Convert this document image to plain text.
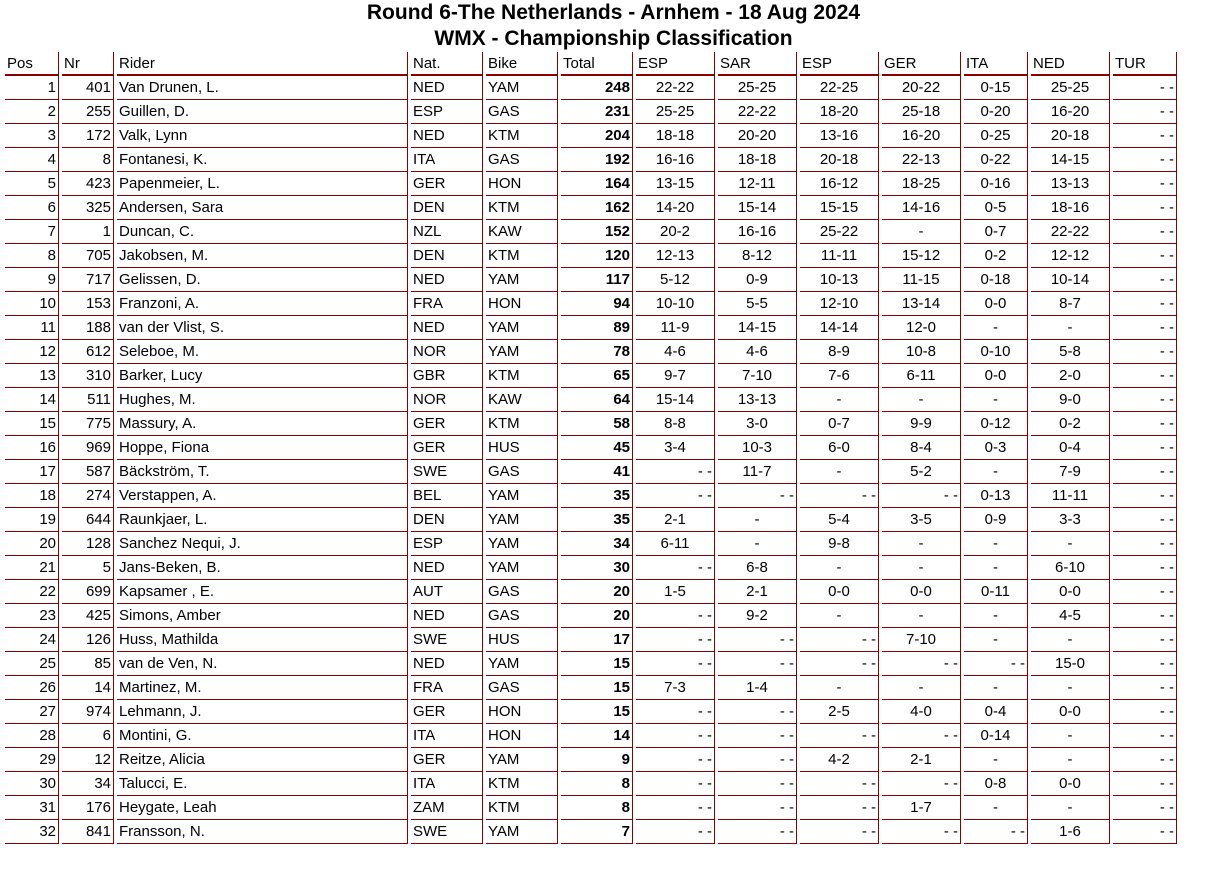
Round 6-The Netherlands - Arnhem - 18 Aug 2024
WMX - Championship Classification
Pos	Nr	Rider	Nat.	Bike	Total	ESP	SAR	ESP	GER	ITA	NED	TUR
1	401	Van Drunen, L.	NED	YAM	248	22-22	25-25	22-25	20-22	0-15	25-25	- -
2	255	Guillen, D.	ESP	GAS	231	25-25	22-22	18-20	25-18	0-20	16-20	- -
3	172	Valk, Lynn	NED	KTM	204	18-18	20-20	13-16	16-20	0-25	20-18	- -
4	8	Fontanesi, K.	ITA	GAS	192	16-16	18-18	20-18	22-13	0-22	14-15	- -
5	423	Papenmeier, L.	GER	HON	164	13-15	12-11	16-12	18-25	0-16	13-13	- -
6	325	Andersen, Sara	DEN	KTM	162	14-20	15-14	15-15	14-16	0-5	18-16	- -
7	1	Duncan, C.	NZL	KAW	152	20-2	16-16	25-22	-	0-7	22-22	- -
8	705	Jakobsen, M.	DEN	KTM	120	12-13	8-12	11-11	15-12	0-2	12-12	- -
9	717	Gelissen, D.	NED	YAM	117	5-12	0-9	10-13	11-15	0-18	10-14	- -
10	153	Franzoni, A.	FRA	HON	94	10-10	5-5	12-10	13-14	0-0	8-7	- -
11	188	van der Vlist, S.	NED	YAM	89	11-9	14-15	14-14	12-0	-	-	- -
12	612	Seleboe, M.	NOR	YAM	78	4-6	4-6	8-9	10-8	0-10	5-8	- -
13	310	Barker, Lucy	GBR	KTM	65	9-7	7-10	7-6	6-11	0-0	2-0	- -
14	511	Hughes, M.	NOR	KAW	64	15-14	13-13	-	-	-	9-0	- -
15	775	Massury, A.	GER	KTM	58	8-8	3-0	0-7	9-9	0-12	0-2	- -
16	969	Hoppe, Fiona	GER	HUS	45	3-4	10-3	6-0	8-4	0-3	0-4	- -
17	587	Bäckström, T.	SWE	GAS	41	- -	11-7	-	5-2	-	7-9	- -
18	274	Verstappen, A.	BEL	YAM	35	- -	- -	- -	- -	0-13	11-11	- -
19	644	Raunkjaer, L.	DEN	YAM	35	2-1	-	5-4	3-5	0-9	3-3	- -
20	128	Sanchez Nequi, J.	ESP	YAM	34	6-11	-	9-8	-	-	-	- -
21	5	Jans-Beken, B.	NED	YAM	30	- -	6-8	-	-	-	6-10	- -
22	699	Kapsamer , E.	AUT	GAS	20	1-5	2-1	0-0	0-0	0-11	0-0	- -
23	425	Simons, Amber	NED	GAS	20	- -	9-2	-	-	-	4-5	- -
24	126	Huss, Mathilda	SWE	HUS	17	- -	- -	- -	7-10	-	-	- -
25	85	van de Ven, N.	NED	YAM	15	- -	- -	- -	- -	- -	15-0	- -
26	14	Martinez, M.	FRA	GAS	15	7-3	1-4	-	-	-	-	- -
27	974	Lehmann, J.	GER	HON	15	- -	- -	2-5	4-0	0-4	0-0	- -
28	6	Montini, G.	ITA	HON	14	- -	- -	- -	- -	0-14	-	- -
29	12	Reitze, Alicia	GER	YAM	9	- -	- -	4-2	2-1	-	-	- -
30	34	Talucci, E.	ITA	KTM	8	- -	- -	- -	- -	0-8	0-0	- -
31	176	Heygate, Leah	ZAM	KTM	8	- -	- -	- -	1-7	-	-	- -
32	841	Fransson, N.	SWE	YAM	7	- -	- -	- -	- -	- -	1-6	- -
